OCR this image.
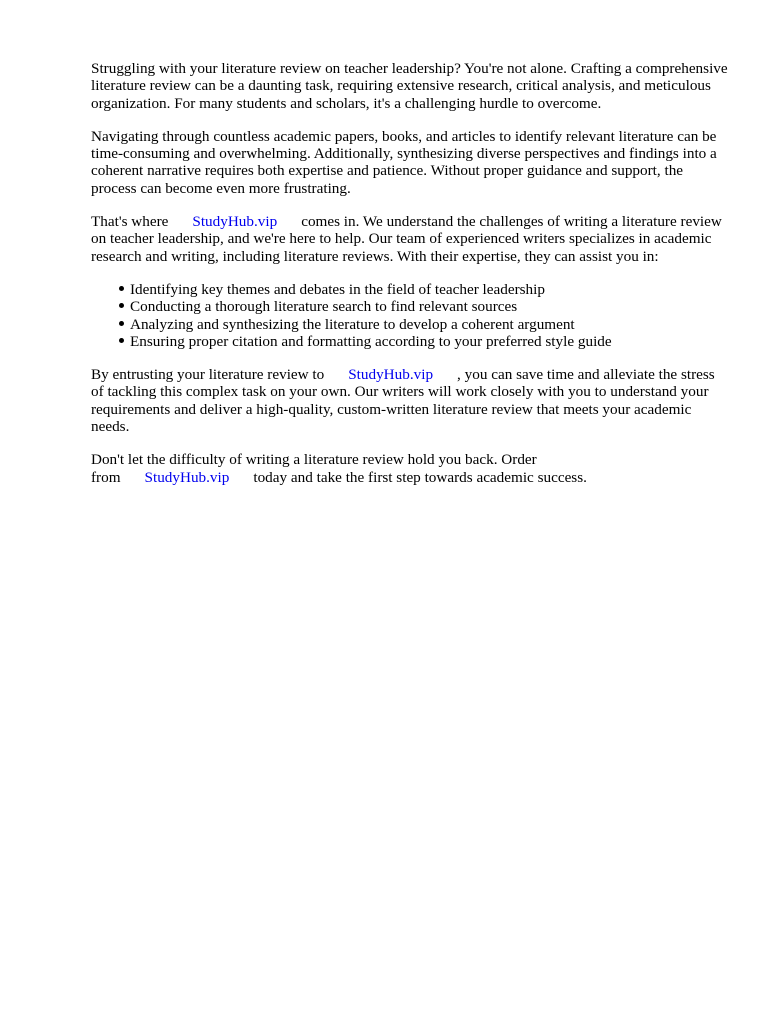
Struggling with your literature review on teacher leadership? You're not alone. Crafting a comprehensive literature review can be a daunting task, requiring extensive research, critical analysis, and meticulous organization. For many students and scholars, it's a challenging hurdle to overcome.

Navigating through countless academic papers, books, and articles to identify relevant literature can be time-consuming and overwhelming. Additionally, synthesizing diverse perspectives and findings into a coherent narrative requires both expertise and patience. Without proper guidance and support, the process can become even more frustrating.

That's where StudyHub.vip comes in. We understand the challenges of writing a literature review on teacher leadership, and we're here to help. Our team of experienced writers specializes in academic research and writing, including literature reviews. With their expertise, they can assist you in:

Identifying key themes and debates in the field of teacher leadership
Conducting a thorough literature search to find relevant sources
Analyzing and synthesizing the literature to develop a coherent argument
Ensuring proper citation and formatting according to your preferred style guide

By entrusting your literature review to StudyHub.vip , you can save time and alleviate the stress of tackling this complex task on your own. Our writers will work closely with you to understand your requirements and deliver a high-quality, custom-written literature review that meets your academic needs.

Don't let the difficulty of writing a literature review hold you back. Order from StudyHub.vip today and take the first step towards academic success.
